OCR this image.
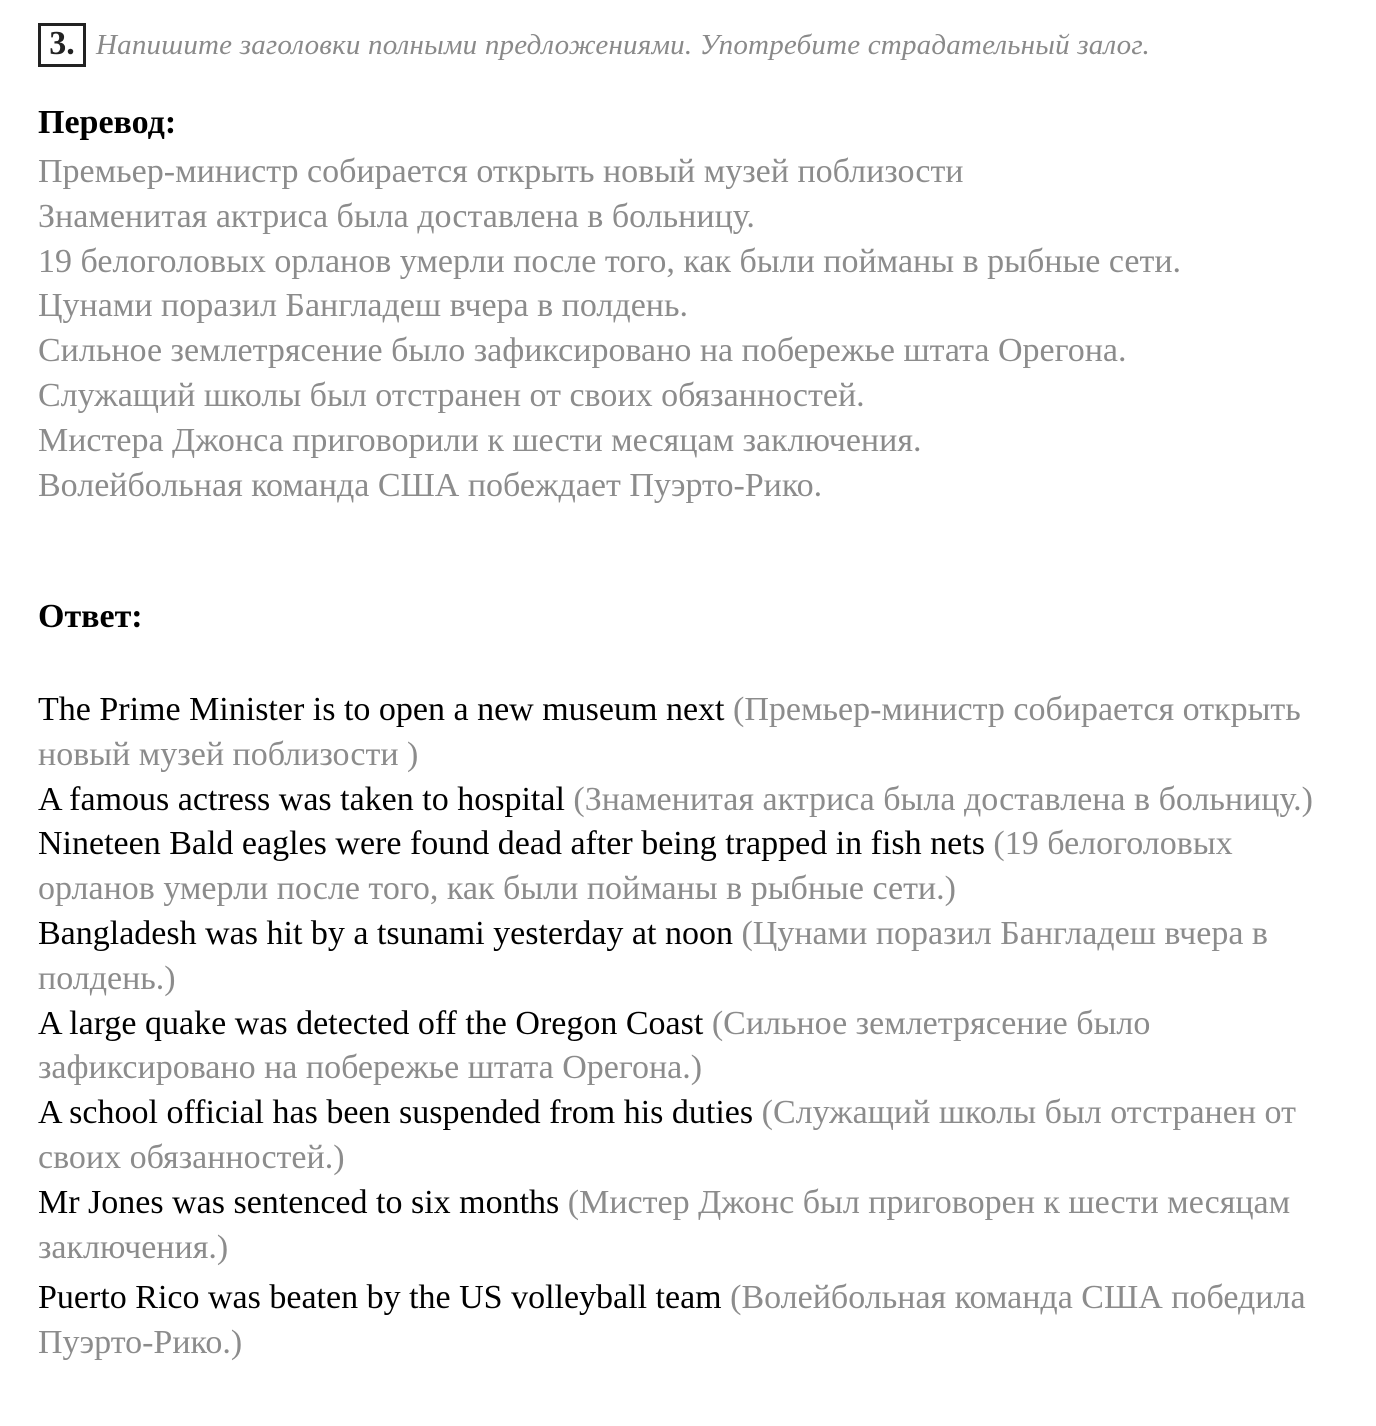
3. Напишите заголовки полными предложениями. Употребите страдательный залог.
Перевод:

Премьер-министр собирается открыть новый музей поблизости

Знаменитая актриса была доставлена в больницу.

19 белоголовых орланов умерли после того, как были пойманы в рыбные сети.

Цунами поразил Бангладеш вчера в полдень.

Сильное землетрясение было зафиксировано на побережье штата Орегона.

Служащий школы был отстранен от своих обязанностей.

Мистера Джонса приговорили к шести месяцам заключения.

Волейбольная команда США побеждает Пуэрто-Рико.

Ответ:

The Prime Minister is to open a new museum next (Премьер-министр собирается открыть новый музей поблизости )

A famous actress was taken to hospital (Знаменитая актриса была доставлена в больницу.)

Nineteen Bald eagles were found dead after being trapped in fish nets (19 белоголовых орланов умерли после того, как были пойманы в рыбные сети.)

Bangladesh was hit by a tsunami yesterday at noon (Цунами поразил Бангладеш вчера в полдень.)

A large quake was detected off the Oregon Coast (Сильное землетрясение было зафиксировано на побережье штата Орегона.)

A school official has been suspended from his duties (Служащий школы был отстранен от своих обязанностей.)

Mr Jones was sentenced to six months (Мистер Джонс был приговорен к шести месяцам заключения.)

Puerto Rico was beaten by the US volleyball team (Волейбольная команда США победила Пуэрто-Рико.)
